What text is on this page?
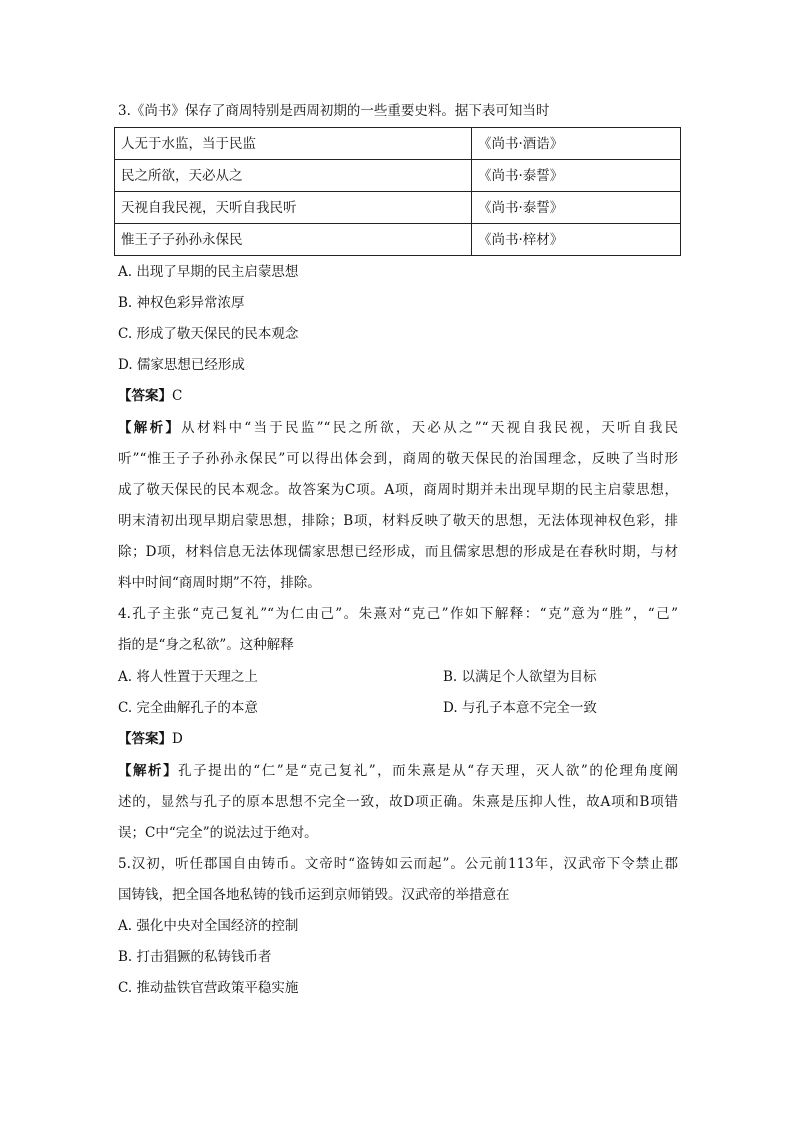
3.《尚书》保存了商周特别是西周初期的一些重要史料。据下表可知当时
人无于水监，当于民监	《尚书·酒诰》
民之所欲，天必从之	《尚书·泰誓》
天视自我民视，天听自我民听	《尚书·泰誓》
惟王子子孙孙永保民	《尚书·梓材》
A. 出现了早期的民主启蒙思想
B. 神权色彩异常浓厚
C. 形成了敬天保民的民本观念
D. 儒家思想已经形成
【答案】C
【解析】从材料中“当于民监”“民之所欲，天必从之”“天视自我民视，天听自我民
听”“惟王子子孙孙永保民”可以得出体会到，商周的敬天保民的治国理念，反映了当时形
成了敬天保民的民本观念。故答案为C项。A项，商周时期并未出现早期的民主启蒙思想，
明末清初出现早期启蒙思想，排除；B项，材料反映了敬天的思想，无法体现神权色彩，排
除；D项，材料信息无法体现儒家思想已经形成，而且儒家思想的形成是在春秋时期，与材
料中时间“商周时期”不符，排除。
4.孔子主张“克己复礼”“为仁由己”。朱熹对“克己”作如下解释：“克”意为“胜”，“己”
指的是“身之私欲”。这种解释
A. 将人性置于天理之上	B. 以满足个人欲望为目标
C. 完全曲解孔子的本意	D. 与孔子本意不完全一致
【答案】D
【解析】孔子提出的“仁”是“克己复礼”，而朱熹是从“存天理，灭人欲”的伦理角度阐
述的，显然与孔子的原本思想不完全一致，故D项正确。朱熹是压抑人性，故A项和B项错
误；C中“完全”的说法过于绝对。
5.汉初，听任郡国自由铸币。文帝时“盗铸如云而起”。公元前113年，汉武帝下令禁止郡
国铸钱，把全国各地私铸的钱币运到京师销毁。汉武帝的举措意在
A. 强化中央对全国经济的控制
B. 打击猖獗的私铸钱币者
C. 推动盐铁官营政策平稳实施
